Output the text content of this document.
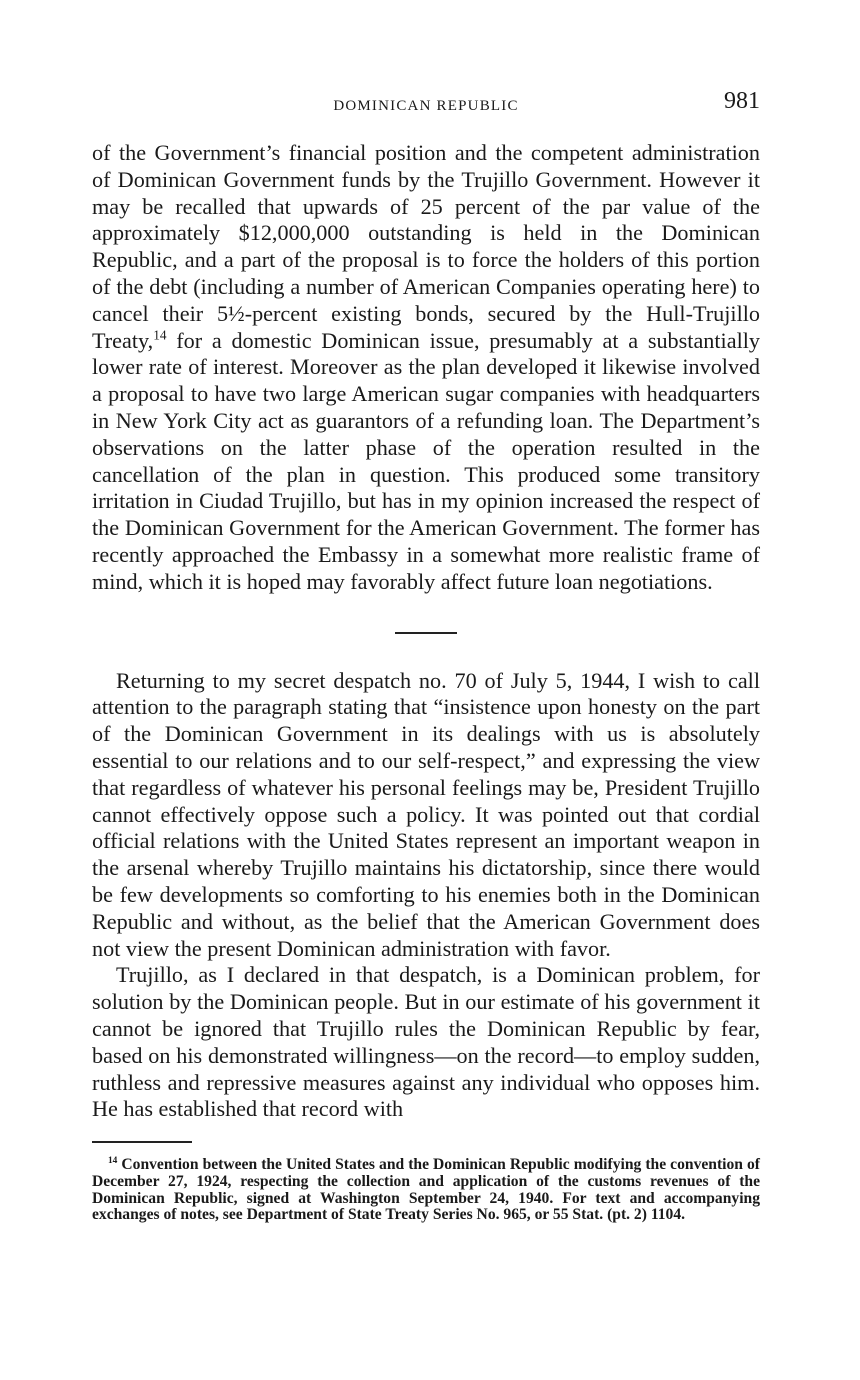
DOMINICAN REPUBLIC	981

of the Government’s financial position and the competent administration of Dominican Government funds by the Trujillo Government. However it may be recalled that upwards of 25 percent of the par value of the approximately $12,000,000 outstanding is held in the Dominican Republic, and a part of the proposal is to force the holders of this portion of the debt (including a number of American Companies operating here) to cancel their 5½-percent existing bonds, secured by the Hull-Trujillo Treaty,$^{14}$ for a domestic Dominican issue, presumably at a substantially lower rate of interest. Moreover as the plan developed it likewise involved a proposal to have two large American sugar companies with headquarters in New York City act as guarantors of a refunding loan. The Department’s observations on the latter phase of the operation resulted in the cancellation of the plan in question. This produced some transitory irritation in Ciudad Trujillo, but has in my opinion increased the respect of the Dominican Government for the American Government. The former has recently approached the Embassy in a somewhat more realistic frame of mind, which it is hoped may favorably affect future loan negotiations.

Returning to my secret despatch no. 70 of July 5, 1944, I wish to call attention to the paragraph stating that “insistence upon honesty on the part of the Dominican Government in its dealings with us is absolutely essential to our relations and to our self-respect,” and expressing the view that regardless of whatever his personal feelings may be, President Trujillo cannot effectively oppose such a policy. It was pointed out that cordial official relations with the United States represent an important weapon in the arsenal whereby Trujillo maintains his dictatorship, since there would be few developments so comforting to his enemies both in the Dominican Republic and without, as the belief that the American Government does not view the present Dominican administration with favor.

Trujillo, as I declared in that despatch, is a Dominican problem, for solution by the Dominican people. But in our estimate of his government it cannot be ignored that Trujillo rules the Dominican Republic by fear, based on his demonstrated willingness—on the record—to employ sudden, ruthless and repressive measures against any individual who opposes him. He has established that record with

$^{14}$ Convention between the United States and the Dominican Republic modifying the convention of December 27, 1924, respecting the collection and application of the customs revenues of the Dominican Republic, signed at Washington September 24, 1940. For text and accompanying exchanges of notes, see Department of State Treaty Series No. 965, or 55 Stat. (pt. 2) 1104.
